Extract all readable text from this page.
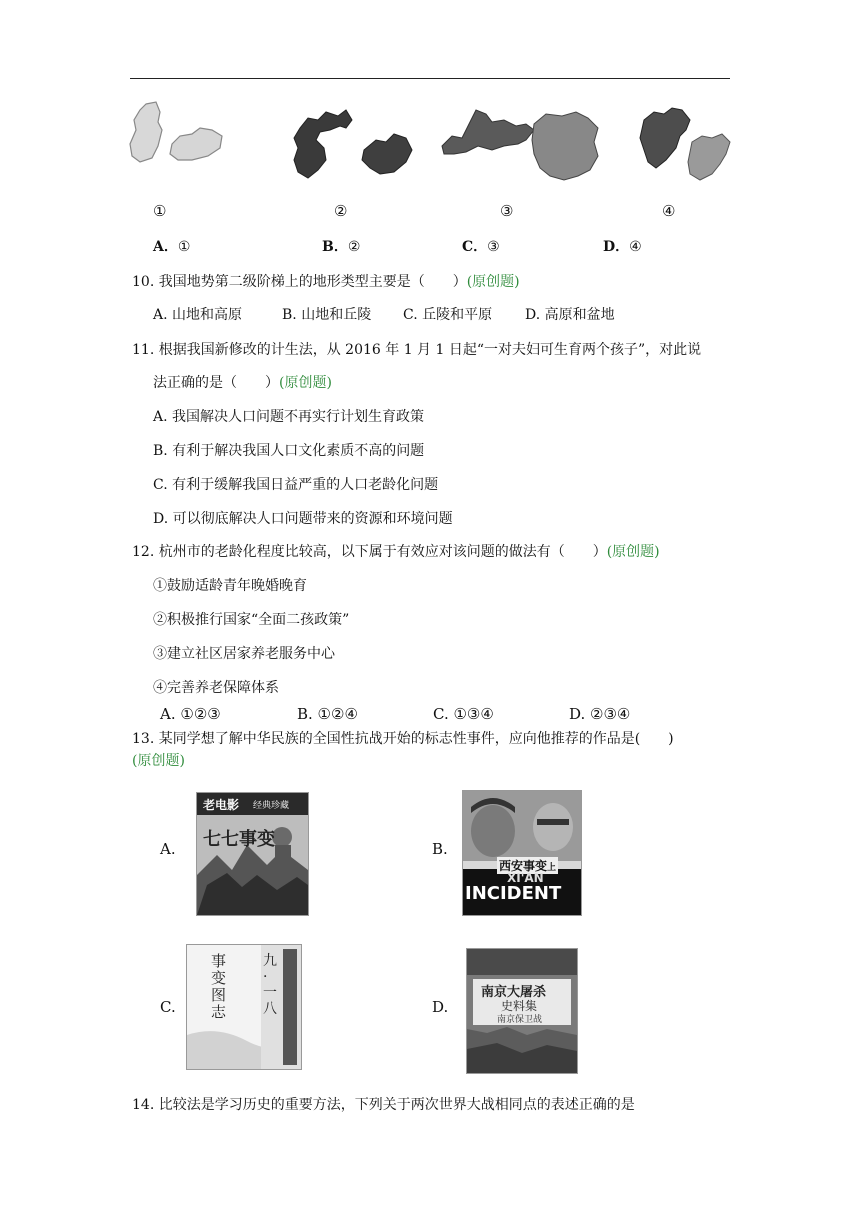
①	②	③	④
A．①	B．②	C．③	D．④
10. 我国地势第二级阶梯上的地形类型主要是（　　）(原创题)
A. 山地和高原	B. 山地和丘陵 C. 丘陵和平原 D. 高原和盆地
11. 根据我国新修改的计生法，从 2016 年 1 月 1 日起“一对夫妇可生育两个孩子”，对此说
法正确的是（　　）(原创题)
A. 我国解决人口问题不再实行计划生育政策
B. 有利于解决我国人口文化素质不高的问题
C. 有利于缓解我国日益严重的人口老龄化问题
D. 可以彻底解决人口问题带来的资源和环境问题
12. 杭州市的老龄化程度比较高，以下属于有效应对该问题的做法有（　　）(原创题)
①鼓励适龄青年晚婚晚育
②积极推行国家“全面二孩政策”
③建立社区居家养老服务中心
④完善养老保障体系
A. ①②③	B. ①②④	C. ①③④	D. ②③④
13. 某同学想了解中华民族的全国性抗战开始的标志性事件，应向他推荐的作品是(　　)
(原创题)
A.	B.
C.	D.
老电影 经典珍藏
七七事变
西安事变上
XI'AN
INCIDENT
事变图志
九·一八
南京大屠杀
史料集
南京保卫战
14. 比较法是学习历史的重要方法，下列关于两次世界大战相同点的表述正确的是
